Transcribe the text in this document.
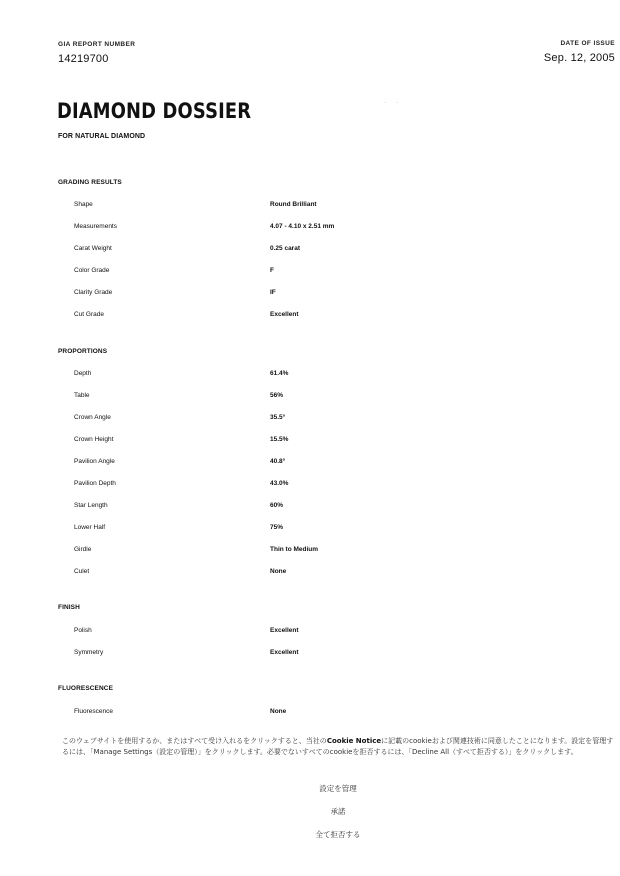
GIA REPORT NUMBER
14219700
DATE OF ISSUE
Sep. 12, 2005
DIAMOND DOSSIER	·      ·
FOR NATURAL DIAMOND
GRADING RESULTS
Shape	Round Brilliant
Measurements	4.07 - 4.10 x 2.51 mm
Carat Weight	0.25 carat
Color Grade	F
Clarity Grade	IF
Cut Grade	Excellent
PROPORTIONS
Depth	61.4%
Table	56%
Crown Angle	35.5°
Crown Height	15.5%
Pavilion Angle	40.8°
Pavilion Depth	43.0%
Star Length	60%
Lower Half	75%
Girdle	Thin to Medium
Culet	None
FINISH
Polish	Excellent
Symmetry	Excellent
FLUORESCENCE
Fluorescence	None
このウェブサイトを使用するか、またはすべて受け入れるをクリックすると、当社のCookie Noticeに記載のcookieおよび関連技術に同意したことになります。設定を管理するには、「Manage Settings（設定の管理）」をクリックします。必要でないすべてのcookieを拒否するには、「Decline All（すべて拒否する）」をクリックします。
設定を管理
承諾
全て拒否する
